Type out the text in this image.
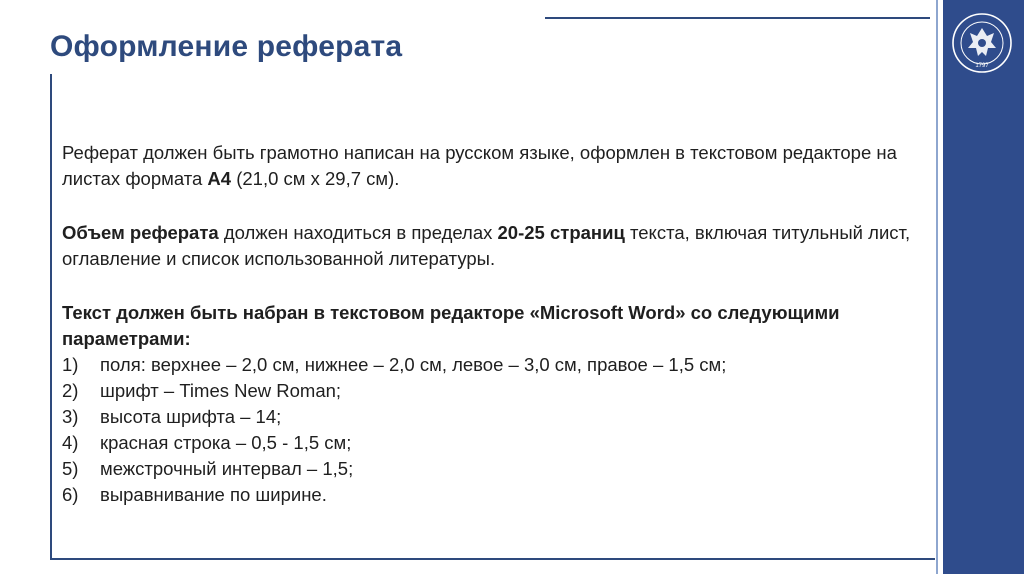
1797
Оформление реферата

Реферат должен быть грамотно написан на русском языке, оформлен в текстовом редакторе на листах формата А4 (21,0 см х 29,7 см).

Объем реферата должен находиться в пределах 20-25 страниц текста, включая титульный лист, оглавление и список использованной литературы.

Текст должен быть набран в текстовом редакторе «Microsoft Word» со следующими параметрами:

1) поля: верхнее – 2,0 см, нижнее – 2,0 см, левое – 3,0 см, правое – 1,5 см;
2) шрифт – Times New Roman;
3) высота шрифта – 14;
4) красная строка – 0,5 - 1,5 см;
5) межстрочный интервал – 1,5;
6) выравнивание по ширине.
